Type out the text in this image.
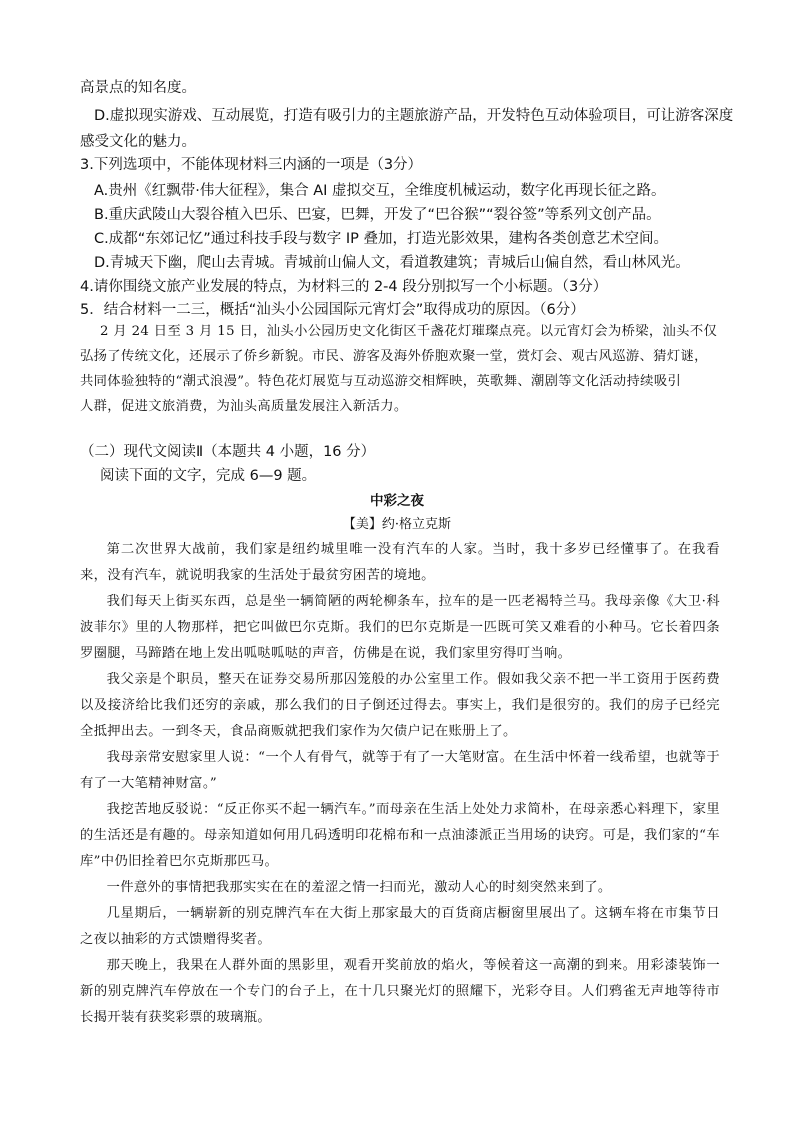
高景点的知名度。
D.虚拟现实游戏、互动展览，打造有吸引力的主题旅游产品，开发特色互动体验项目，可让游客深度
感受文化的魅力。
3.下列选项中，不能体现材料三内涵的一项是（3分）
A.贵州《红飘带·伟大征程》，集合 AI 虚拟交互，全维度机械运动，数字化再现长征之路。
B.重庆武陵山大裂谷植入巴乐、巴宴，巴舞，开发了“巴谷猴”“裂谷签”等系列文创产品。
C.成都“东郊记忆”通过科技手段与数字 IP 叠加，打造光影效果，建构各类创意艺术空间。
D.青城天下幽，爬山去青城。青城前山偏人文，看道教建筑；青城后山偏自然，看山林风光。
4.请你围绕文旅产业发展的特点，为材料三的 2-4 段分别拟写一个小标题。（3分）
5．结合材料一二三，概括“汕头小公园国际元宵灯会”取得成功的原因。（6分）
2 月 24 日至 3 月 15 日，汕头小公园历史文化街区千盏花灯璀璨点亮。以元宵灯会为桥梁，汕头不仅
弘扬了传统文化，还展示了侨乡新貌。市民、游客及海外侨胞欢聚一堂，赏灯会、观古风巡游、猜灯谜，
共同体验独特的“潮式浪漫”。特色花灯展览与互动巡游交相辉映，英歌舞、潮剧等文化活动持续吸引
人群，促进文旅消费，为汕头高质量发展注入新活力。
（二）现代文阅读Ⅱ（本题共 4 小题，16 分）
阅读下面的文字，完成 6—9 题。
中彩之夜
【美】约·格立克斯
第二次世界大战前，我们家是纽约城里唯一没有汽车的人家。当时，我十多岁已经懂事了。在我看来，没有汽车，就说明我家的生活处于最贫穷困苦的境地。
我们每天上街买东西，总是坐一辆简陋的两轮柳条车，拉车的是一匹老褐特兰马。我母亲像《大卫·科波菲尔》里的人物那样，把它叫做巴尔克斯。我们的巴尔克斯是一匹既可笑又难看的小种马。它长着四条罗圈腿，马蹄踏在地上发出呱哒呱哒的声音，仿佛是在说，我们家里穷得叮当响。
我父亲是个职员，整天在证券交易所那囚笼般的办公室里工作。假如我父亲不把一半工资用于医药费以及接济给比我们还穷的亲戚，那么我们的日子倒还过得去。事实上，我们是很穷的。我们的房子已经完全抵押出去。一到冬天，食品商贩就把我们家作为欠债户记在账册上了。
我母亲常安慰家里人说：“一个人有骨气，就等于有了一大笔财富。在生活中怀着一线希望，也就等于有了一大笔精神财富。”
我挖苦地反驳说：“反正你买不起一辆汽车。”而母亲在生活上处处力求简朴，在母亲悉心料理下，家里的生活还是有趣的。母亲知道如何用几码透明印花棉布和一点油漆派正当用场的诀窍。可是，我们家的“车库”中仍旧拴着巴尔克斯那匹马。
一件意外的事情把我那实实在在的羞涩之情一扫而光，激动人心的时刻突然来到了。
几星期后，一辆崭新的别克牌汽车在大街上那家最大的百货商店橱窗里展出了。这辆车将在市集节日之夜以抽彩的方式馈赠得奖者。
那天晚上，我果在人群外面的黑影里，观看开奖前放的焰火，等候着这一高潮的到来。用彩漆装饰一新的别克牌汽车停放在一个专门的台子上，在十几只聚光灯的照耀下，光彩夺目。人们鸦雀无声地等待市长揭开装有获奖彩票的玻璃瓶。
